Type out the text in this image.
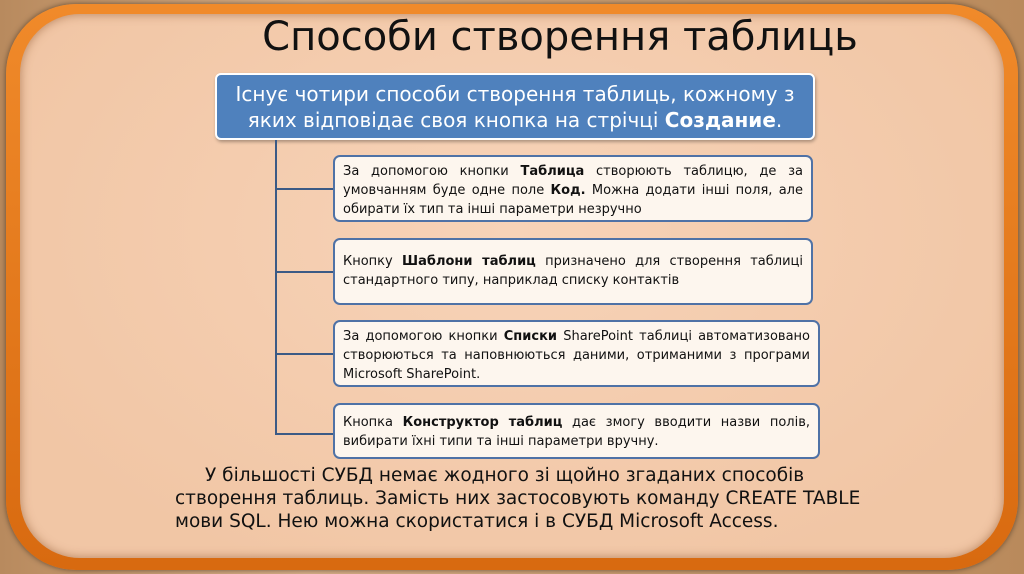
Способи створення таблиць
Існує чотири способи створення таблиць, кожному з яких відповідає своя кнопка на стрічці Создание.
За допомогою кнопки Таблица створюють таблицю, де за умовчанням буде одне поле Код. Можна додати інші поля, але обирати їх тип та інші параметри незручно
Кнопку Шаблони таблиц призначено для створення таблиці стандартного типу, наприклад списку контактів
За допомогою кнопки Списки SharePoint таблиці автоматизовано створюються та наповнюються даними, отриманими з програми Microsoft SharePoint.
Кнопка Конструктор таблиц дає змогу вводити назви полів, вибирати їхні типи та інші параметри вручну.
У більшості СУБД немає жодного зі щойно згаданих способів створення таблиць. Замість них застосовують команду CREATE TABLE мови SQL. Нею можна скористатися і в СУБД Microsoft Access.
